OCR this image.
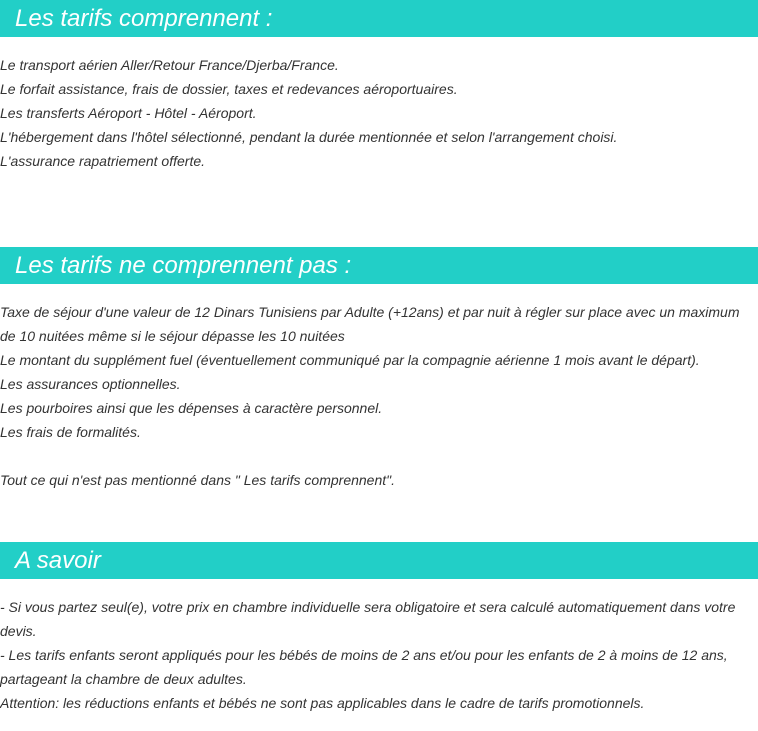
Les tarifs comprennent :

Le transport aérien Aller/Retour France/Djerba/France.

Le forfait assistance, frais de dossier, taxes et redevances aéroportuaires.

Les transferts Aéroport - Hôtel - Aéroport.

L'hébergement dans l'hôtel sélectionné, pendant la durée mentionnée et selon l'arrangement choisi.

L'assurance rapatriement offerte.

Les tarifs ne comprennent pas :

Taxe de séjour d'une valeur de 12 Dinars Tunisiens par Adulte (+12ans) et par nuit à régler sur place avec un maximum de 10 nuitées même si le séjour dépasse les 10 nuitées

Le montant du supplément fuel (éventuellement communiqué par la compagnie aérienne 1 mois avant le départ).

Les assurances optionnelles.

Les pourboires ainsi que les dépenses à caractère personnel.

Les frais de formalités.

Tout ce qui n'est pas mentionné dans " Les tarifs comprennent".

A savoir

- Si vous partez seul(e), votre prix en chambre individuelle sera obligatoire et sera calculé automatiquement dans votre devis.

- Les tarifs enfants seront appliqués pour les bébés de moins de 2 ans et/ou pour les enfants de 2 à moins de 12 ans, partageant la chambre de deux adultes.

Attention: les réductions enfants et bébés ne sont pas applicables dans le cadre de tarifs promotionnels.
